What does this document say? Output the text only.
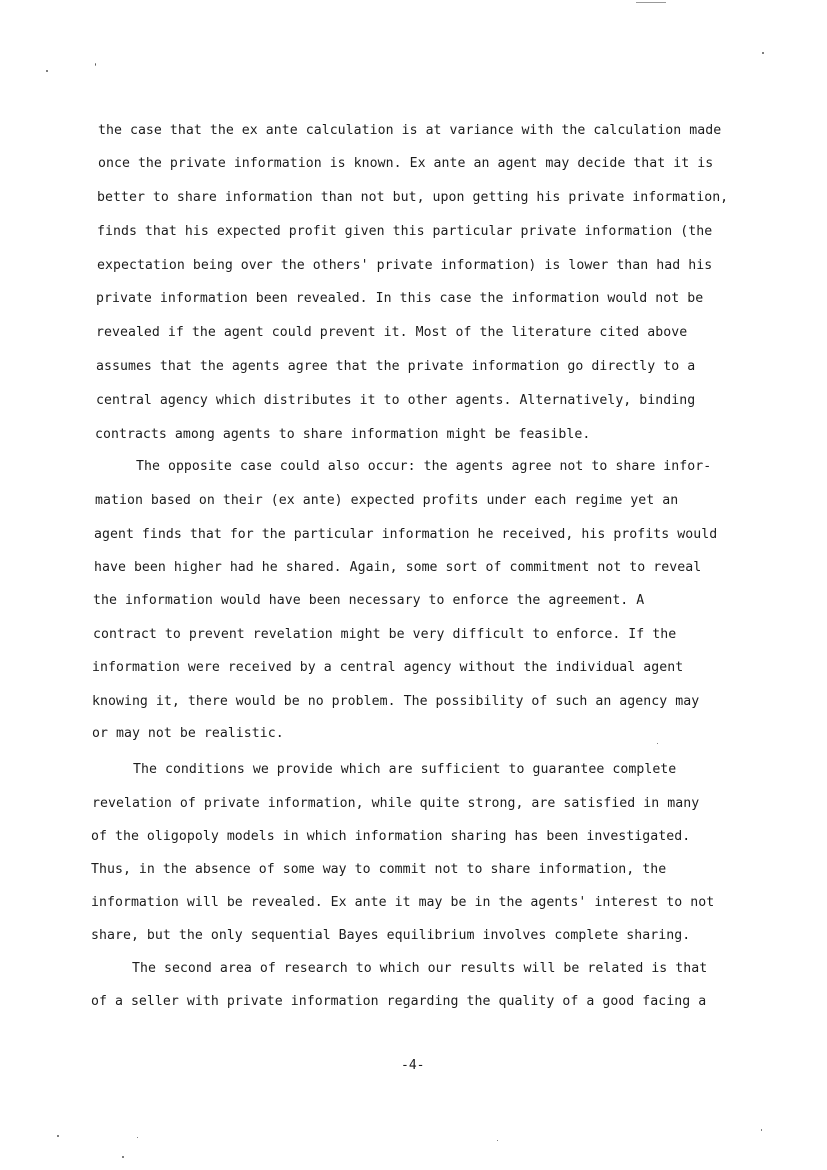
the case that the ex ante calculation is at variance with the calculation made
once the private information is known. Ex ante an agent may decide that it is
better to share information than not but, upon getting his private information,
finds that his expected profit given this particular private information (the
expectation being over the others' private information) is lower than had his
private information been revealed. In this case the information would not be
revealed if the agent could prevent it. Most of the literature cited above
assumes that the agents agree that the private information go directly to a
central agency which distributes it to other agents. Alternatively, binding
contracts among agents to share information might be feasible.
The opposite case could also occur: the agents agree not to share infor-
mation based on their (ex ante) expected profits under each regime yet an
agent finds that for the particular information he received, his profits would
have been higher had he shared. Again, some sort of commitment not to reveal
the information would have been necessary to enforce the agreement. A
contract to prevent revelation might be very difficult to enforce. If the
information were received by a central agency without the individual agent
knowing it, there would be no problem. The possibility of such an agency may
or may not be realistic.
The conditions we provide which are sufficient to guarantee complete
revelation of private information, while quite strong, are satisfied in many
of the oligopoly models in which information sharing has been investigated.
Thus, in the absence of some way to commit not to share information, the
information will be revealed. Ex ante it may be in the agents' interest to not
share, but the only sequential Bayes equilibrium involves complete sharing.
The second area of research to which our results will be related is that
of a seller with private information regarding the quality of a good facing a
-4-
